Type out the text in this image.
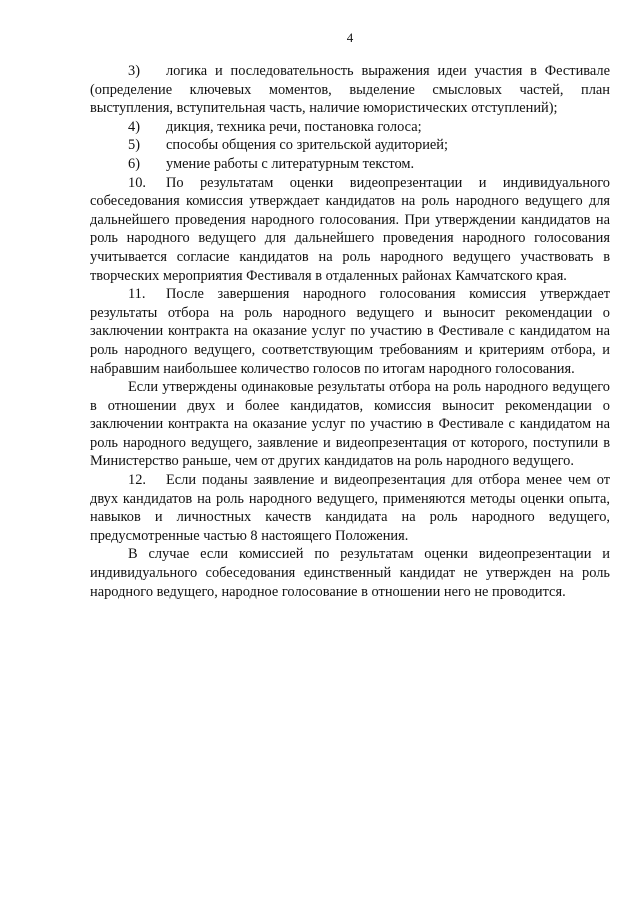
4

3) логика и последовательность выражения идеи участия в Фестивале (определение ключевых моментов, выделение смысловых частей, план выступления, вступительная часть, наличие юмористических отступлений);

4) дикция, техника речи, постановка голоса;

5) способы общения со зрительской аудиторией;

6) умение работы с литературным текстом.

10. По результатам оценки видеопрезентации и индивидуального собеседования комиссия утверждает кандидатов на роль народного ведущего для дальнейшего проведения народного голосования. При утверждении кандидатов на роль народного ведущего для дальнейшего проведения народного голосования учитывается согласие кандидатов на роль народного ведущего участвовать в творческих мероприятия Фестиваля в отдаленных районах Камчатского края.

11. После завершения народного голосования комиссия утверждает результаты отбора на роль народного ведущего и выносит рекомендации о заключении контракта на оказание услуг по участию в Фестивале с кандидатом на роль народного ведущего, соответствующим требованиям и критериям отбора, и набравшим наибольшее количество голосов по итогам народного голосования.

Если утверждены одинаковые результаты отбора на роль народного ведущего в отношении двух и более кандидатов, комиссия выносит рекомендации о заключении контракта на оказание услуг по участию в Фестивале с кандидатом на роль народного ведущего, заявление и видеопрезентация от которого, поступили в Министерство раньше, чем от других кандидатов на роль народного ведущего.

12. Если поданы заявление и видеопрезентация для отбора менее чем от двух кандидатов на роль народного ведущего, применяются методы оценки опыта, навыков и личностных качеств кандидата на роль народного ведущего, предусмотренные частью 8 настоящего Положения.

В случае если комиссией по результатам оценки видеопрезентации и индивидуального собеседования единственный кандидат не утвержден на роль народного ведущего, народное голосование в отношении него не проводится.
